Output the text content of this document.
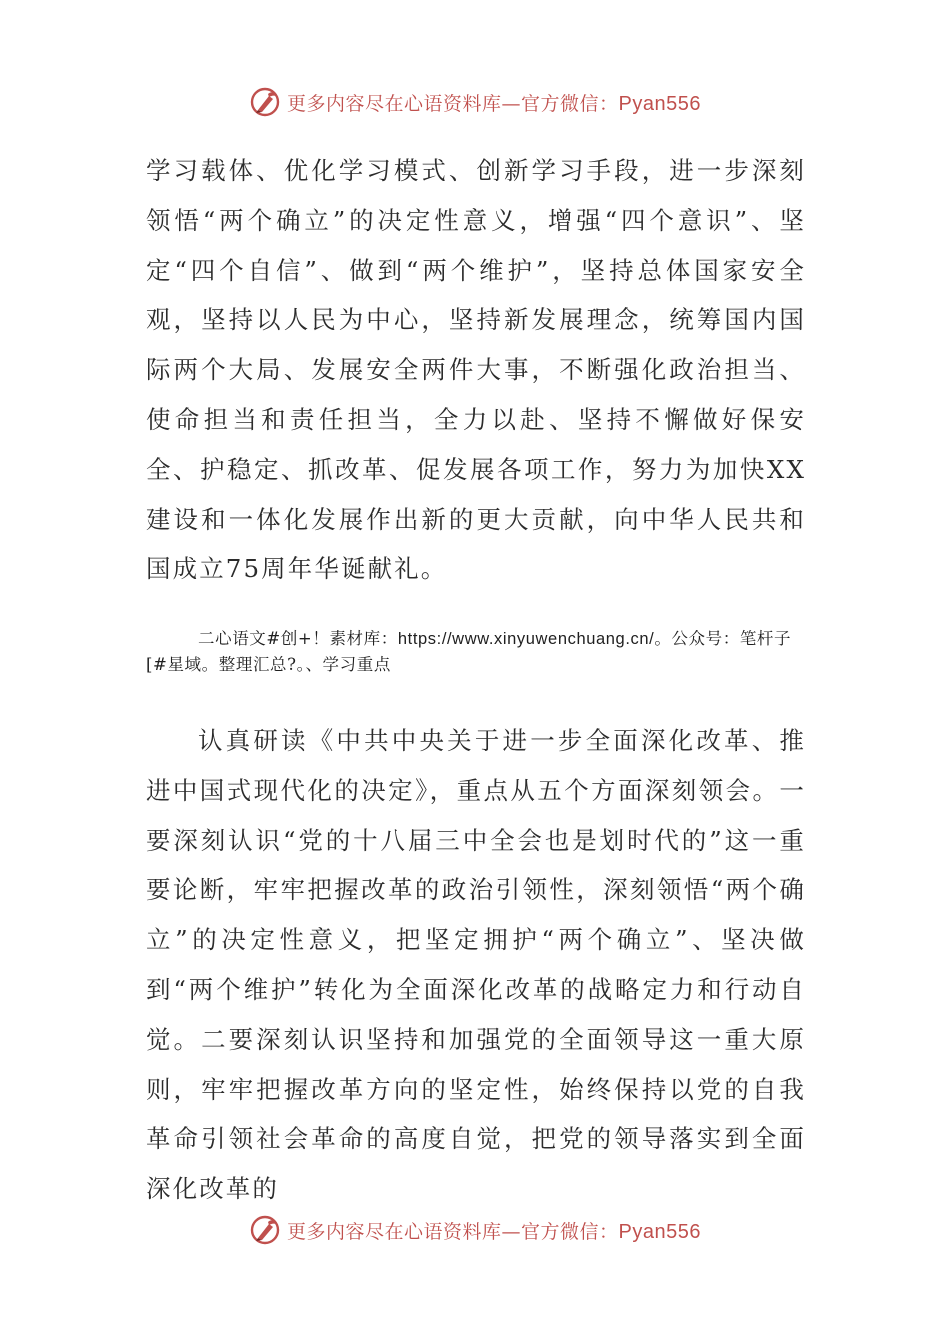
更多内容尽在心语资料库—官方微信：Pyan556

学习载体、优化学习模式、创新学习手段，进一步深刻领悟“两个确立”的决定性意义，增强“四个意识”、坚定“四个自信”、做到“两个维护”，坚持总体国家安全观，坚持以人民为中心，坚持新发展理念，统筹国内国际两个大局、发展安全两件大事，不断强化政治担当、使命担当和责任担当，全力以赴、坚持不懈做好保安全、护稳定、抓改革、促发展各项工作，努力为加快XX建设和一体化发展作出新的更大贡献，向中华人民共和国成立75周年华诞献礼。

二心语文#创+！素材库：https://www.xinyuwenchuang.cn/。公众号：笔杆子[#星域。整理汇总?。、学习重点

认真研读《中共中央关于进一步全面深化改革、推进中国式现代化的决定》，重点从五个方面深刻领会。一要深刻认识“党的十八届三中全会也是划时代的”这一重要论断，牢牢把握改革的政治引领性，深刻领悟“两个确立”的决定性意义，把坚定拥护“两个确立”、坚决做到“两个维护”转化为全面深化改革的战略定力和行动自觉。二要深刻认识坚持和加强党的全面领导这一重大原则，牢牢把握改革方向的坚定性，始终保持以党的自我革命引领社会革命的高度自觉，把党的领导落实到全面深化改革的

更多内容尽在心语资料库—官方微信：Pyan556
